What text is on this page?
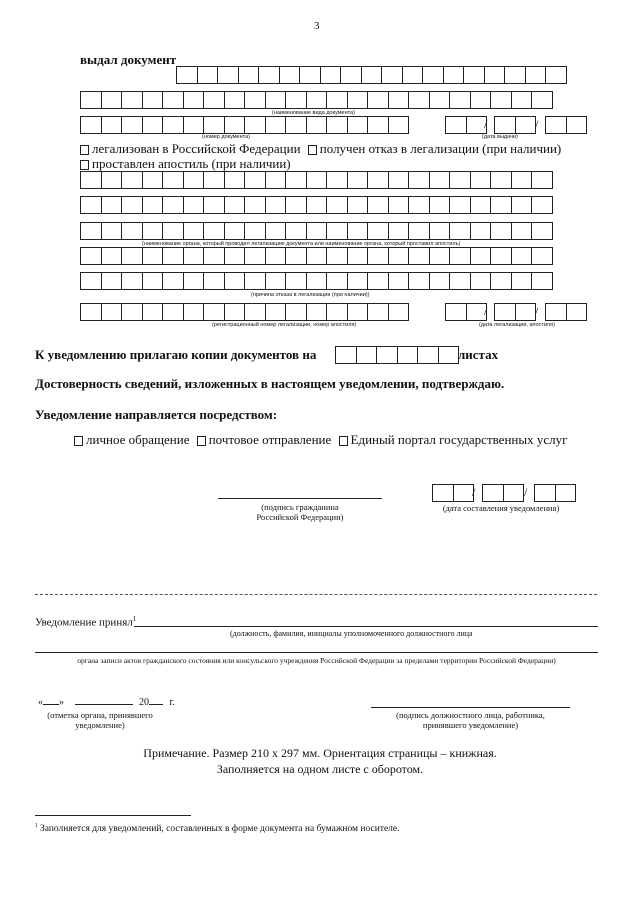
3
выдал документ
(наименование вида документа)
/	/
(номер документа)	(дата выдачи)
легализован в Российской Федерации получен отказ в легализации (при наличии)
проставлен апостиль (при наличии)
(наименование органа, который проводил легализацию документа или наименование органа, который проставил апостиль)
(причина отказа в легализации (при наличии))
/	/
(регистрационный номер легализации, номер апостиля)	(дата легализации, апостиля)
К уведомлению прилагаю копии документов на	листах
Достоверность сведений, изложенных в настоящем уведомлении, подтверждаю.
Уведомление направляется посредством:
личное обращение почтовое отправление Единый портал государственных услуг
(подпись гражданина
Российской Федерации)
/	/
(дата составления уведомления)
Уведомление принял$^1$
(должность, фамилия, инициалы уполномоченного должностного лица
органа записи актов гражданского состояния или консульского учреждения Российской Федерации за пределами территории Российской Федерации)
« »	20 г.
(отметка органа, принявшего
уведомление)
(подпись должностного лица, работника,
принявшего уведомление)
Примечание. Размер 210 x 297 мм. Ориентация страницы – книжная.
Заполняется на одном листе с оборотом.
$^1$ Заполняется для уведомлений, составленных в форме документа на бумажном носителе.
